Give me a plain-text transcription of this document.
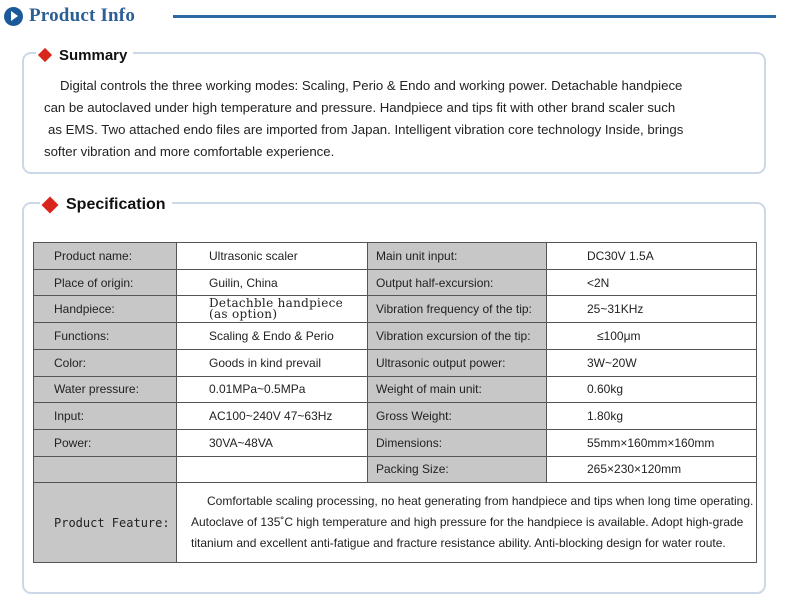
Product Info
Summary
Digital controls the three working modes: Scaling, Perio & Endo and working power. Detachable handpiece
can be autoclaved under high temperature and pressure. Handpiece and tips fit with other brand scaler such
as EMS. Two attached endo files are imported from Japan. Intelligent vibration core technology Inside, brings
softer vibration and more comfortable experience.
Specification
Product name:	Ultrasonic scaler	Main unit input:	DC30V 1.5A
Place of origin:	Guilin, China	Output half-excursion:	<2N
Handpiece:	Detachble handpiece
(as option)	Vibration frequency of the tip:	25~31KHz
Functions:	Scaling & Endo & Perio	Vibration excursion of the tip:	≤100μm
Color:	Goods in kind prevail	Ultrasonic output power:	3W~20W
Water pressure:	0.01MPa~0.5MPa	Weight of main unit:	0.60kg
Input:	AC100~240V 47~63Hz	Gross Weight:	1.80kg
Power:	30VA~48VA	Dimensions:	55mm×160mm×160mm
		Packing Size:	265×230×120mm
Product Feature:	Comfortable scaling processing, no heat generating from handpiece and tips when long time operating.
Autoclave of 135˚C high temperature and high pressure for the handpiece is available. Adopt high-grade
titanium and excellent anti-fatigue and fracture resistance ability. Anti-blocking design for water route.		
